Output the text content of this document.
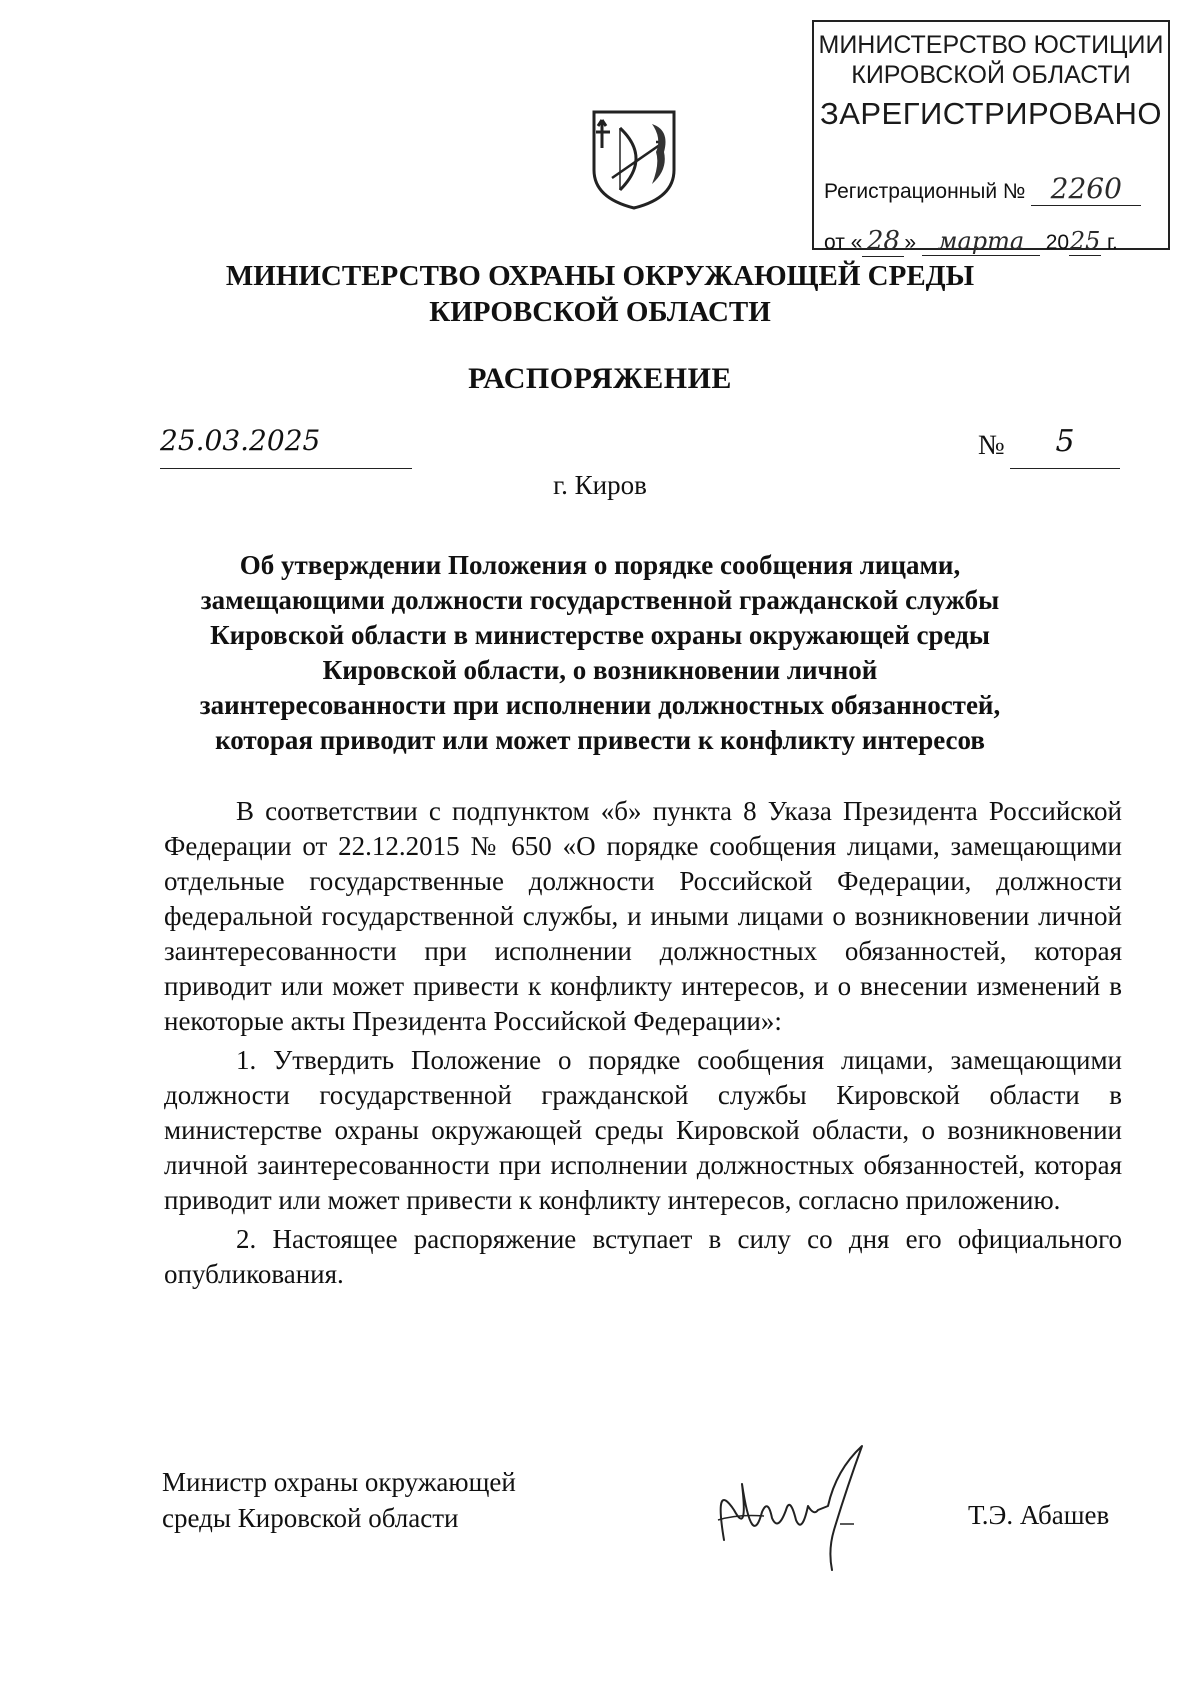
МИНИСТЕРСТВО ЮСТИЦИИ
КИРОВСКОЙ ОБЛАСТИ
ЗАРЕГИСТРИРОВАНО
Регистрационный № 2260
от « 28 » марта 2025 г.
МИНИСТЕРСТВО ОХРАНЫ ОКРУЖАЮЩЕЙ СРЕДЫ
КИРОВСКОЙ ОБЛАСТИ
РАСПОРЯЖЕНИЕ
25.03.2025	№	5
г. Киров
Об утверждении Положения о порядке сообщения лицами,
замещающими должности государственной гражданской службы
Кировской области в министерстве охраны окружающей среды
Кировской области, о возникновении личной
заинтересованности при исполнении должностных обязанностей,
которая приводит или может привести к конфликту интересов

В соответствии с подпунктом «б» пункта 8 Указа Президента Российской Федерации от 22.12.2015 № 650 «О порядке сообщения лицами, замещающими отдельные государственные должности Российской Федерации, должности федеральной государственной службы, и иными лицами о возникновении личной заинтересованности при исполнении должностных обязанностей, которая приводит или может привести к конфликту интересов, и о внесении изменений в некоторые акты Президента Российской Федерации»:

1. Утвердить Положение о порядке сообщения лицами, замещающими должности государственной гражданской службы Кировской области в министерстве охраны окружающей среды Кировской области, о возникновении личной заинтересованности при исполнении должностных обязанностей, которая приводит или может привести к конфликту интересов, согласно приложению.

2. Настоящее распоряжение вступает в силу со дня его официального опубликования.

Министр охраны окружающей
среды Кировской области	Т.Э. Абашев
